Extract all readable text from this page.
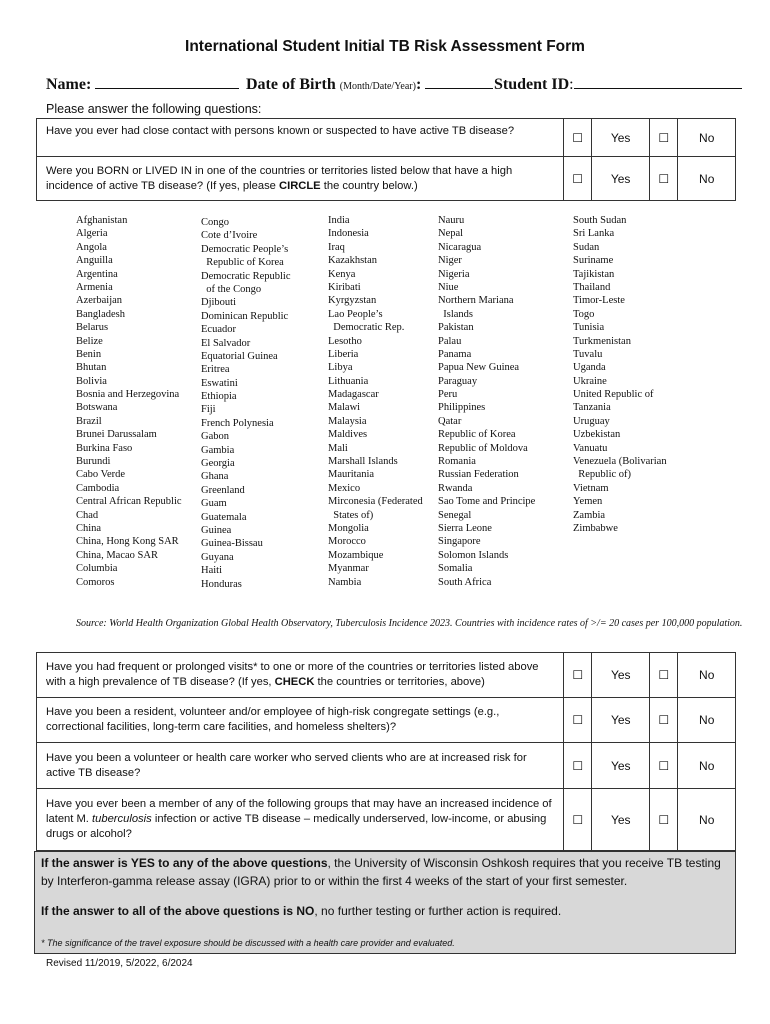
International Student Initial TB Risk Assessment Form
Name:	Date of Birth (Month/Date/Year):	Student ID:
Please answer the following questions:
Have you ever had close contact with persons known or suspected to have active TB disease?	☐	Yes	☐	No
Were you BORN or LIVED IN in one of the countries or territories listed below that have a high incidence of active TB disease? (If yes, please CIRCLE the country below.)	☐	Yes	☐	No
Afghanistan
Algeria
Angola
Anguilla
Argentina
Armenia
Azerbaijan
Bangladesh
Belarus
Belize
Benin
Bhutan
Bolivia
Bosnia and Herzegovina
Botswana
Brazil
Brunei Darussalam
Burkina Faso
Burundi
Cabo Verde
Cambodia
Central African Republic
Chad
China
China, Hong Kong SAR
China, Macao SAR
Columbia
Comoros
Congo
Cote d’Ivoire
Democratic People’s
Republic of Korea
Democratic Republic
of the Congo
Djibouti
Dominican Republic
Ecuador
El Salvador
Equatorial Guinea
Eritrea
Eswatini
Ethiopia
Fiji
French Polynesia
Gabon
Gambia
Georgia
Ghana
Greenland
Guam
Guatemala
Guinea
Guinea-Bissau
Guyana
Haiti
Honduras
India
Indonesia
Iraq
Kazakhstan
Kenya
Kiribati
Kyrgyzstan
Lao People’s
Democratic Rep.
Lesotho
Liberia
Libya
Lithuania
Madagascar
Malawi
Malaysia
Maldives
Mali
Marshall Islands
Mauritania
Mexico
Mirconesia (Federated
States of)
Mongolia
Morocco
Mozambique
Myanmar
Nambia
Nauru
Nepal
Nicaragua
Niger
Nigeria
Niue
Northern Mariana
Islands
Pakistan
Palau
Panama
Papua New Guinea
Paraguay
Peru
Philippines
Qatar
Republic of Korea
Republic of Moldova
Romania
Russian Federation
Rwanda
Sao Tome and Principe
Senegal
Sierra Leone
Singapore
Solomon Islands
Somalia
South Africa
South Sudan
Sri Lanka
Sudan
Suriname
Tajikistan
Thailand
Timor-Leste
Togo
Tunisia
Turkmenistan
Tuvalu
Uganda
Ukraine
United Republic of
Tanzania
Uruguay
Uzbekistan
Vanuatu
Venezuela (Bolivarian
Republic of)
Vietnam
Yemen
Zambia
Zimbabwe
Source: World Health Organization Global Health Observatory, Tuberculosis Incidence 2023. Countries with incidence rates of >/= 20 cases per 100,000 population.
Have you had frequent or prolonged visits* to one or more of the countries or territories listed above with a high prevalence of TB disease? (If yes, CHECK the countries or territories, above)	☐	Yes	☐	No
Have you been a resident, volunteer and/or employee of high-risk congregate settings (e.g., correctional facilities, long-term care facilities, and homeless shelters)?	☐	Yes	☐	No
Have you been a volunteer or health care worker who served clients who are at increased risk for active TB disease?	☐	Yes	☐	No
Have you ever been a member of any of the following groups that may have an increased incidence of latent M. tuberculosis infection or active TB disease – medically underserved, low-income, or abusing drugs or alcohol?	☐	Yes	☐	No
If the answer is YES to any of the above questions, the University of Wisconsin Oshkosh requires that you receive TB testing by Interferon-gamma release assay (IGRA) prior to or within the first 4 weeks of the start of your first semester.
If the answer to all of the above questions is NO, no further testing or further action is required.
* The significance of the travel exposure should be discussed with a health care provider and evaluated.
Revised 11/2019, 5/2022, 6/2024
